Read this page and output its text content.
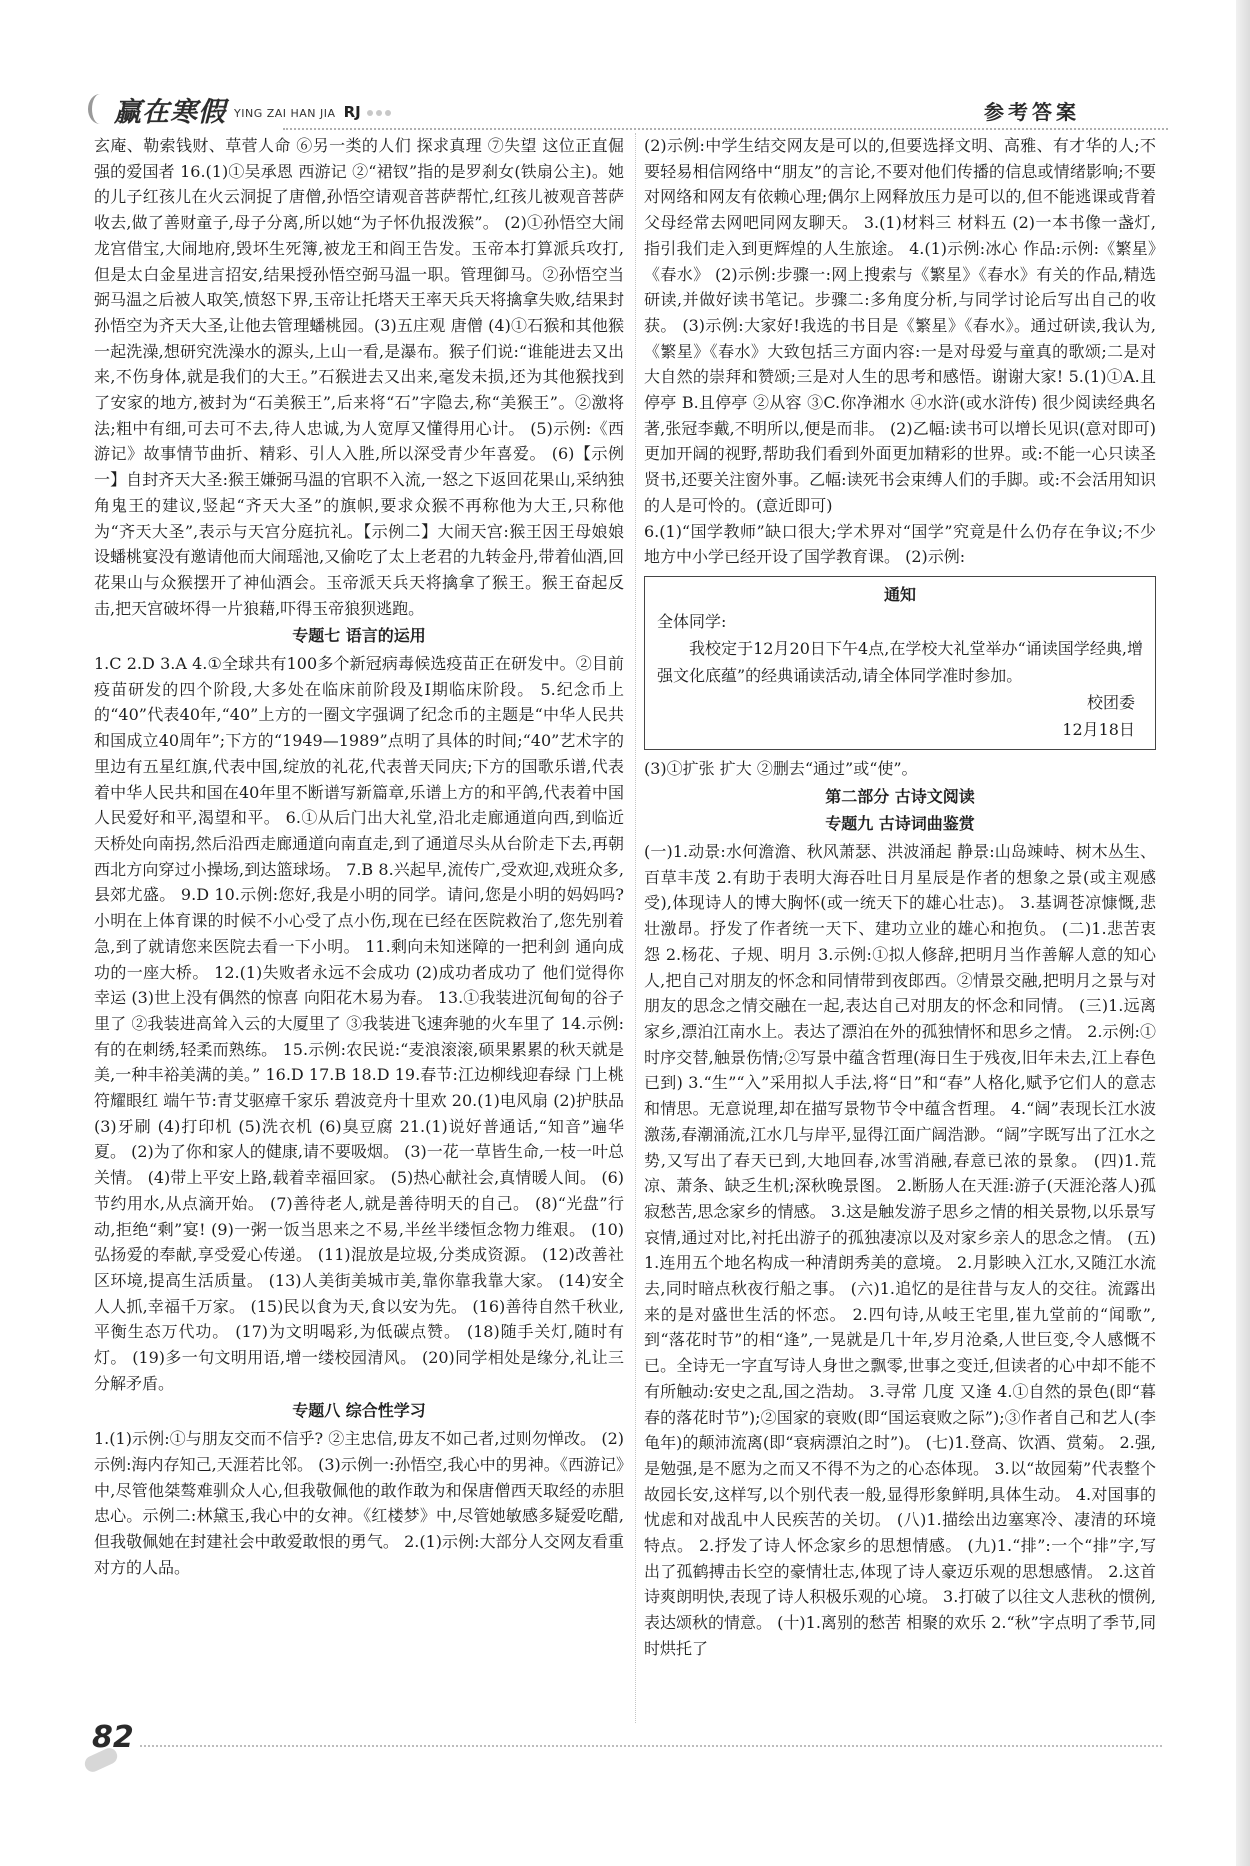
赢在寒假 YING ZAI HAN JIA RJ	参考答案

玄庵、勒索钱财、草菅人命 ⑥另一类的人们 探求真理 ⑦失望 这位正直倔强的爱国者 16.(1)①吴承恩 西游记 ②“裙钗”指的是罗刹女(铁扇公主)。她的儿子红孩儿在火云洞捉了唐僧,孙悟空请观音菩萨帮忙,红孩儿被观音菩萨收去,做了善财童子,母子分离,所以她“为子怀仇报泼猴”。 (2)①孙悟空大闹龙宫借宝,大闹地府,毁坏生死簿,被龙王和阎王告发。玉帝本打算派兵攻打,但是太白金星进言招安,结果授孙悟空弼马温一职。管理御马。②孙悟空当弼马温之后被人取笑,愤怒下界,玉帝让托塔天王率天兵天将擒拿失败,结果封孙悟空为齐天大圣,让他去管理蟠桃园。(3)五庄观 唐僧 (4)①石猴和其他猴一起洗澡,想研究洗澡水的源头,上山一看,是瀑布。猴子们说:“谁能进去又出来,不伤身体,就是我们的大王。”石猴进去又出来,毫发未损,还为其他猴找到了安家的地方,被封为“石美猴王”,后来将“石”字隐去,称“美猴王”。②激将法;粗中有细,可去可不去,待人忠诚,为人宽厚又懂得用心计。 (5)示例:《西游记》故事情节曲折、精彩、引人入胜,所以深受青少年喜爱。 (6)【示例一】自封齐天大圣:猴王嫌弼马温的官职不入流,一怒之下返回花果山,采纳独角鬼王的建议,竖起“齐天大圣”的旗帜,要求众猴不再称他为大王,只称他为“齐天大圣”,表示与天宫分庭抗礼。【示例二】大闹天宫:猴王因王母娘娘设蟠桃宴没有邀请他而大闹瑶池,又偷吃了太上老君的九转金丹,带着仙酒,回花果山与众猴摆开了神仙酒会。玉帝派天兵天将擒拿了猴王。猴王奋起反击,把天宫破坏得一片狼藉,吓得玉帝狼狈逃跑。

专题七 语言的运用

1.C 2.D 3.A 4.①全球共有100多个新冠病毒候选疫苗正在研发中。②目前疫苗研发的四个阶段,大多处在临床前阶段及I期临床阶段。 5.纪念币上的“40”代表40年,“40”上方的一圈文字强调了纪念币的主题是“中华人民共和国成立40周年”;下方的“1949—1989”点明了具体的时间;“40”艺术字的里边有五星红旗,代表中国,绽放的礼花,代表普天同庆;下方的国歌乐谱,代表着中华人民共和国在40年里不断谱写新篇章,乐谱上方的和平鸽,代表着中国人民爱好和平,渴望和平。 6.①从后门出大礼堂,沿北走廊通道向西,到临近天桥处向南拐,然后沿西走廊通道向南直走,到了通道尽头从台阶走下去,再朝西北方向穿过小操场,到达篮球场。 7.B 8.兴起早,流传广,受欢迎,戏班众多,县郊尤盛。 9.D 10.示例:您好,我是小明的同学。请问,您是小明的妈妈吗?小明在上体育课的时候不小心受了点小伤,现在已经在医院救治了,您先别着急,到了就请您来医院去看一下小明。 11.剩向未知迷障的一把利剑 通向成功的一座大桥。 12.(1)失败者永远不会成功 (2)成功者成功了 他们觉得你幸运 (3)世上没有偶然的惊喜 向阳花木易为春。 13.①我装进沉甸甸的谷子里了 ②我装进高耸入云的大厦里了 ③我装进飞速奔驰的火车里了 14.示例:有的在刺绣,轻柔而熟练。 15.示例:农民说:“麦浪滚滚,硕果累累的秋天就是美,一种丰裕美满的美。” 16.D 17.B 18.D 19.春节:江边柳线迎春绿 门上桃符耀眼红 端午节:青艾驱瘴千家乐 碧波竞舟十里欢 20.(1)电风扇 (2)护肤品 (3)牙刷 (4)打印机 (5)洗衣机 (6)臭豆腐 21.(1)说好普通话,“知音”遍华夏。 (2)为了你和家人的健康,请不要吸烟。 (3)一花一草皆生命,一枝一叶总关情。 (4)带上平安上路,载着幸福回家。 (5)热心献社会,真情暖人间。 (6)节约用水,从点滴开始。 (7)善待老人,就是善待明天的自己。 (8)“光盘”行动,拒绝“剩”宴! (9)一粥一饭当思来之不易,半丝半缕恒念物力维艰。 (10)弘扬爱的奉献,享受爱心传递。 (11)混放是垃圾,分类成资源。 (12)改善社区环境,提高生活质量。 (13)人美街美城市美,靠你靠我靠大家。 (14)安全人人抓,幸福千万家。 (15)民以食为天,食以安为先。 (16)善待自然千秋业,平衡生态万代功。 (17)为文明喝彩,为低碳点赞。 (18)随手关灯,随时有灯。 (19)多一句文明用语,增一缕校园清风。 (20)同学相处是缘分,礼让三分解矛盾。

专题八 综合性学习

1.(1)示例:①与朋友交而不信乎? ②主忠信,毋友不如己者,过则勿惮改。 (2)示例:海内存知己,天涯若比邻。 (3)示例一:孙悟空,我心中的男神。《西游记》中,尽管他桀骜难驯众人心,但我敬佩他的敢作敢为和保唐僧西天取经的赤胆忠心。示例二:林黛玉,我心中的女神。《红楼梦》中,尽管她敏感多疑爱吃醋,但我敬佩她在封建社会中敢爱敢恨的勇气。 2.(1)示例:大部分人交网友看重对方的人品。

(2)示例:中学生结交网友是可以的,但要选择文明、高雅、有才华的人;不要轻易相信网络中“朋友”的言论,不要对他们传播的信息或情绪影响;不要对网络和网友有依赖心理;偶尔上网释放压力是可以的,但不能逃课或背着父母经常去网吧同网友聊天。 3.(1)材料三 材料五 (2)一本书像一盏灯,指引我们走入到更辉煌的人生旅途。 4.(1)示例:冰心 作品:示例:《繁星》《春水》 (2)示例:步骤一:网上搜索与《繁星》《春水》有关的作品,精选研读,并做好读书笔记。步骤二:多角度分析,与同学讨论后写出自己的收获。 (3)示例:大家好!我选的书目是《繁星》《春水》。通过研读,我认为,《繁星》《春水》大致包括三方面内容:一是对母爱与童真的歌颂;二是对大自然的崇拜和赞颂;三是对人生的思考和感悟。谢谢大家! 5.(1)①A.且停亭 B.且停亭 ②从容 ③C.你净湘水 ④水浒(或水浒传) 很少阅读经典名著,张冠李戴,不明所以,便是而非。 (2)乙幅:读书可以增长见识(意对即可) 更加开阔的视野,帮助我们看到外面更加精彩的世界。或:不能一心只读圣贤书,还要关注窗外事。乙幅:读死书会束缚人们的手脚。或:不会活用知识的人是可怜的。(意近即可)

6.(1)“国学教师”缺口很大;学术界对“国学”究竟是什么仍存在争议;不少地方中小学已经开设了国学教育课。 (2)示例:

通知
全体同学:
我校定于12月20日下午4点,在学校大礼堂举办“诵读国学经典,增强文化底蕴”的经典诵读活动,请全体同学准时参加。
校团委
12月18日

(3)①扩张 扩大 ②删去“通过”或“使”。

第二部分 古诗文阅读
专题九 古诗词曲鉴赏

(一)1.动景:水何澹澹、秋风萧瑟、洪波涌起 静景:山岛竦峙、树木丛生、百草丰茂 2.有助于表明大海吞吐日月星辰是作者的想象之景(或主观感受),体现诗人的博大胸怀(或一统天下的雄心壮志)。 3.基调苍凉慷慨,悲壮激昂。抒发了作者统一天下、建功立业的雄心和抱负。 (二)1.悲苦衷怨 2.杨花、子规、明月 3.示例:①拟人修辞,把明月当作善解人意的知心人,把自己对朋友的怀念和同情带到夜郎西。②情景交融,把明月之景与对朋友的思念之情交融在一起,表达自己对朋友的怀念和同情。 (三)1.远离家乡,漂泊江南水上。表达了漂泊在外的孤独情怀和思乡之情。 2.示例:①时序交替,触景伤情;②写景中蕴含哲理(海日生于残夜,旧年未去,江上春色已到) 3.“生”“入”采用拟人手法,将“日”和“春”人格化,赋予它们人的意志和情思。无意说理,却在描写景物节令中蕴含哲理。 4.“阔”表现长江水波激荡,春潮涌流,江水几与岸平,显得江面广阔浩渺。“阔”字既写出了江水之势,又写出了春天已到,大地回春,冰雪消融,春意已浓的景象。 (四)1.荒凉、萧条、缺乏生机;深秋晚景图。 2.断肠人在天涯:游子(天涯沦落人)孤寂愁苦,思念家乡的情感。 3.这是触发游子思乡之情的相关景物,以乐景写哀情,通过对比,衬托出游子的孤独凄凉以及对家乡亲人的思念之情。 (五)1.连用五个地名构成一种清朗秀美的意境。 2.月影映入江水,又随江水流去,同时暗点秋夜行船之事。 (六)1.追忆的是往昔与友人的交往。流露出来的是对盛世生活的怀恋。 2.四句诗,从岐王宅里,崔九堂前的“闻歌”,到“落花时节”的相“逢”,一晃就是几十年,岁月沧桑,人世巨变,令人感慨不已。全诗无一字直写诗人身世之飘零,世事之变迁,但读者的心中却不能不有所触动:安史之乱,国之浩劫。 3.寻常 几度 又逢 4.①自然的景色(即“暮春的落花时节”);②国家的衰败(即“国运衰败之际”);③作者自己和艺人(李龟年)的颠沛流离(即“衰病漂泊之时”)。 (七)1.登高、饮酒、赏菊。 2.强,是勉强,是不愿为之而又不得不为之的心态体现。 3.以“故园菊”代表整个故园长安,这样写,以个别代表一般,显得形象鲜明,具体生动。 4.对国事的忧虑和对战乱中人民疾苦的关切。 (八)1.描绘出边塞寒冷、凄清的环境特点。 2.抒发了诗人怀念家乡的思想情感。 (九)1.“排”:一个“排”字,写出了孤鹤搏击长空的豪情壮志,体现了诗人豪迈乐观的思想感情。 2.这首诗爽朗明快,表现了诗人积极乐观的心境。 3.打破了以往文人悲秋的惯例,表达颂秋的情意。 (十)1.离别的愁苦 相聚的欢乐 2.“秋”字点明了季节,同时烘托了

82
